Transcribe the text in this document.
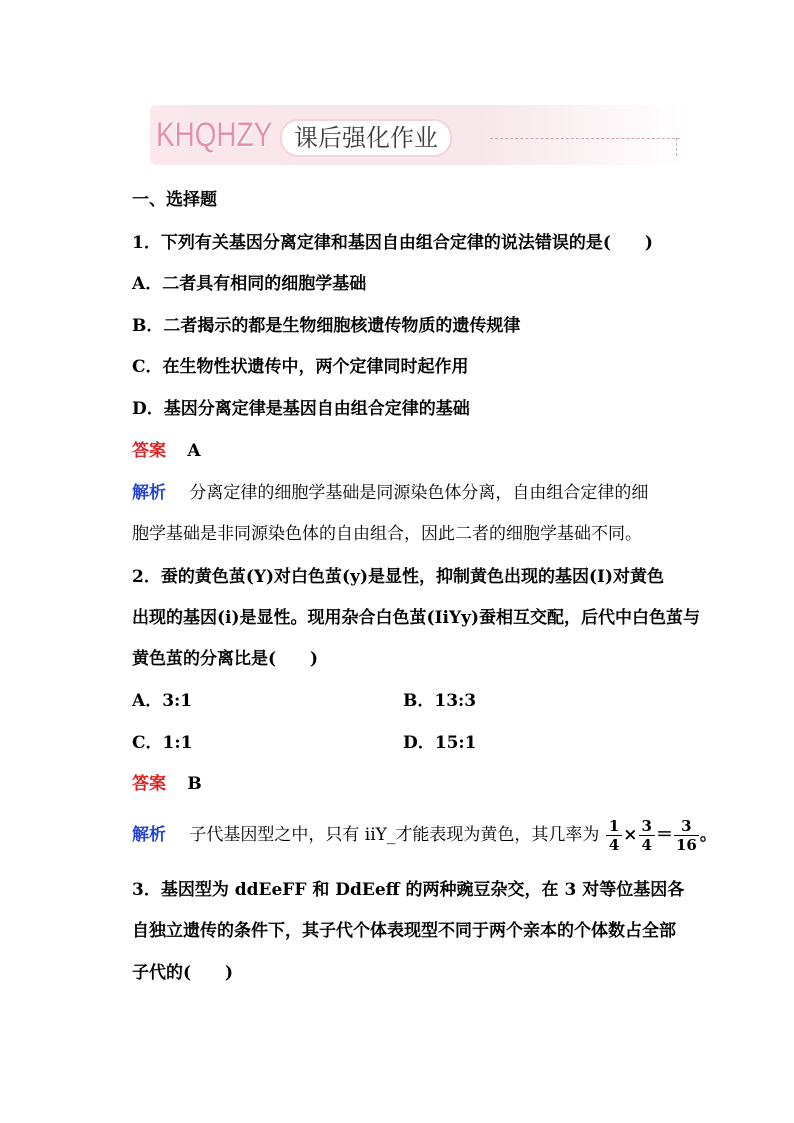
KHQHZY 课后强化作业
一、选择题
1．下列有关基因分离定律和基因自由组合定律的说法错误的是(　　)
A．二者具有相同的细胞学基础
B．二者揭示的都是生物细胞核遗传物质的遗传规律
C．在生物性状遗传中，两个定律同时起作用
D．基因分离定律是基因自由组合定律的基础
答案 A
解析 分离定律的细胞学基础是同源染色体分离，自由组合定律的细
胞学基础是非同源染色体的自由组合，因此二者的细胞学基础不同。
2．蚕的黄色茧(Y)对白色茧(y)是显性，抑制黄色出现的基因(I)对黄色
出现的基因(i)是显性。现用杂合白色茧(IiYy)蚕相互交配，后代中白色茧与
黄色茧的分离比是(　　)
A．3:1	B．13:3
C．1:1	D．15:1
答案 B
解析 子代基因型之中，只有 iiY_才能表现为黄色，其几率为 $\frac{1}{4} \times \frac{3}{4} = \frac{3}{16}$ 。
3．基因型为 ddEeFF 和 DdEeff 的两种豌豆杂交，在 3 对等位基因各
自独立遗传的条件下，其子代个体表现型不同于两个亲本的个体数占全部
子代的(　　)
